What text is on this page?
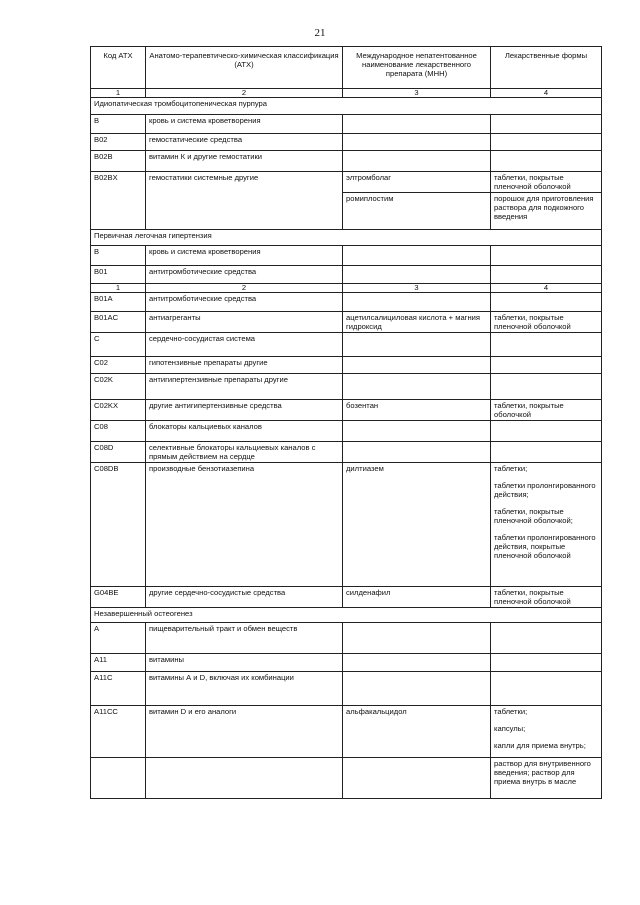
21
Код АТХ	Анатомо-терапевтическо-химическая классификация (АТХ)	Международное непатентованное наименование лекарственного препарата (МНН)	Лекарственные формы
1	2	3	4
Идиопатическая тромбоцитопеническая пурпура			
B	кровь и система кроветворения		
B02	гемостатические средства		
B02B	витамин К и другие гемостатики		
B02BX	гемостатики системные другие	элтромболаг	таблетки, покрытые пленочной оболочкой
		ромиплостим	порошок для приготовления раствора для подкожного введения
Первичная легочная гипертензия			
B	кровь и система кроветворения		
B01	антитромботические средства		
1	2	3	4
B01A	антитромботические средства		
B01AC	антиагреганты	ацетилсалициловая кислота + магния гидроксид	таблетки, покрытые пленочной оболочкой
C	сердечно-сосудистая система		
C02	гипотензивные препараты другие		
C02K	антигипертензивные препараты другие		
C02KX	другие антигипертензивные средства	бозентан	таблетки, покрытые оболочкой
C08	блокаторы кальциевых каналов		
C08D	селективные блокаторы кальциевых каналов с прямым действием на сердце		
C08DB	производные бензотиазепина	дилтиазем	таблетки;
таблетки пролонгированного действия;
таблетки, покрытые пленочной оболочкой;
таблетки пролонгированного действия, покрытые пленочной оболочкой

G04BE	другие сердечно-сосудистые средства	силденафил	таблетки, покрытые пленочной оболочкой
Незавершенный остеогенез			
A	пищеварительный тракт и обмен веществ		
A11	витамины		
A11C	витамины А и D, включая их комбинации		
A11CC	витамин D и его аналоги	альфакальцидол	таблетки;
капсулы;
капли для приема внутрь;

			раствор для внутривенного введения; раствор для приема внутрь в масле
